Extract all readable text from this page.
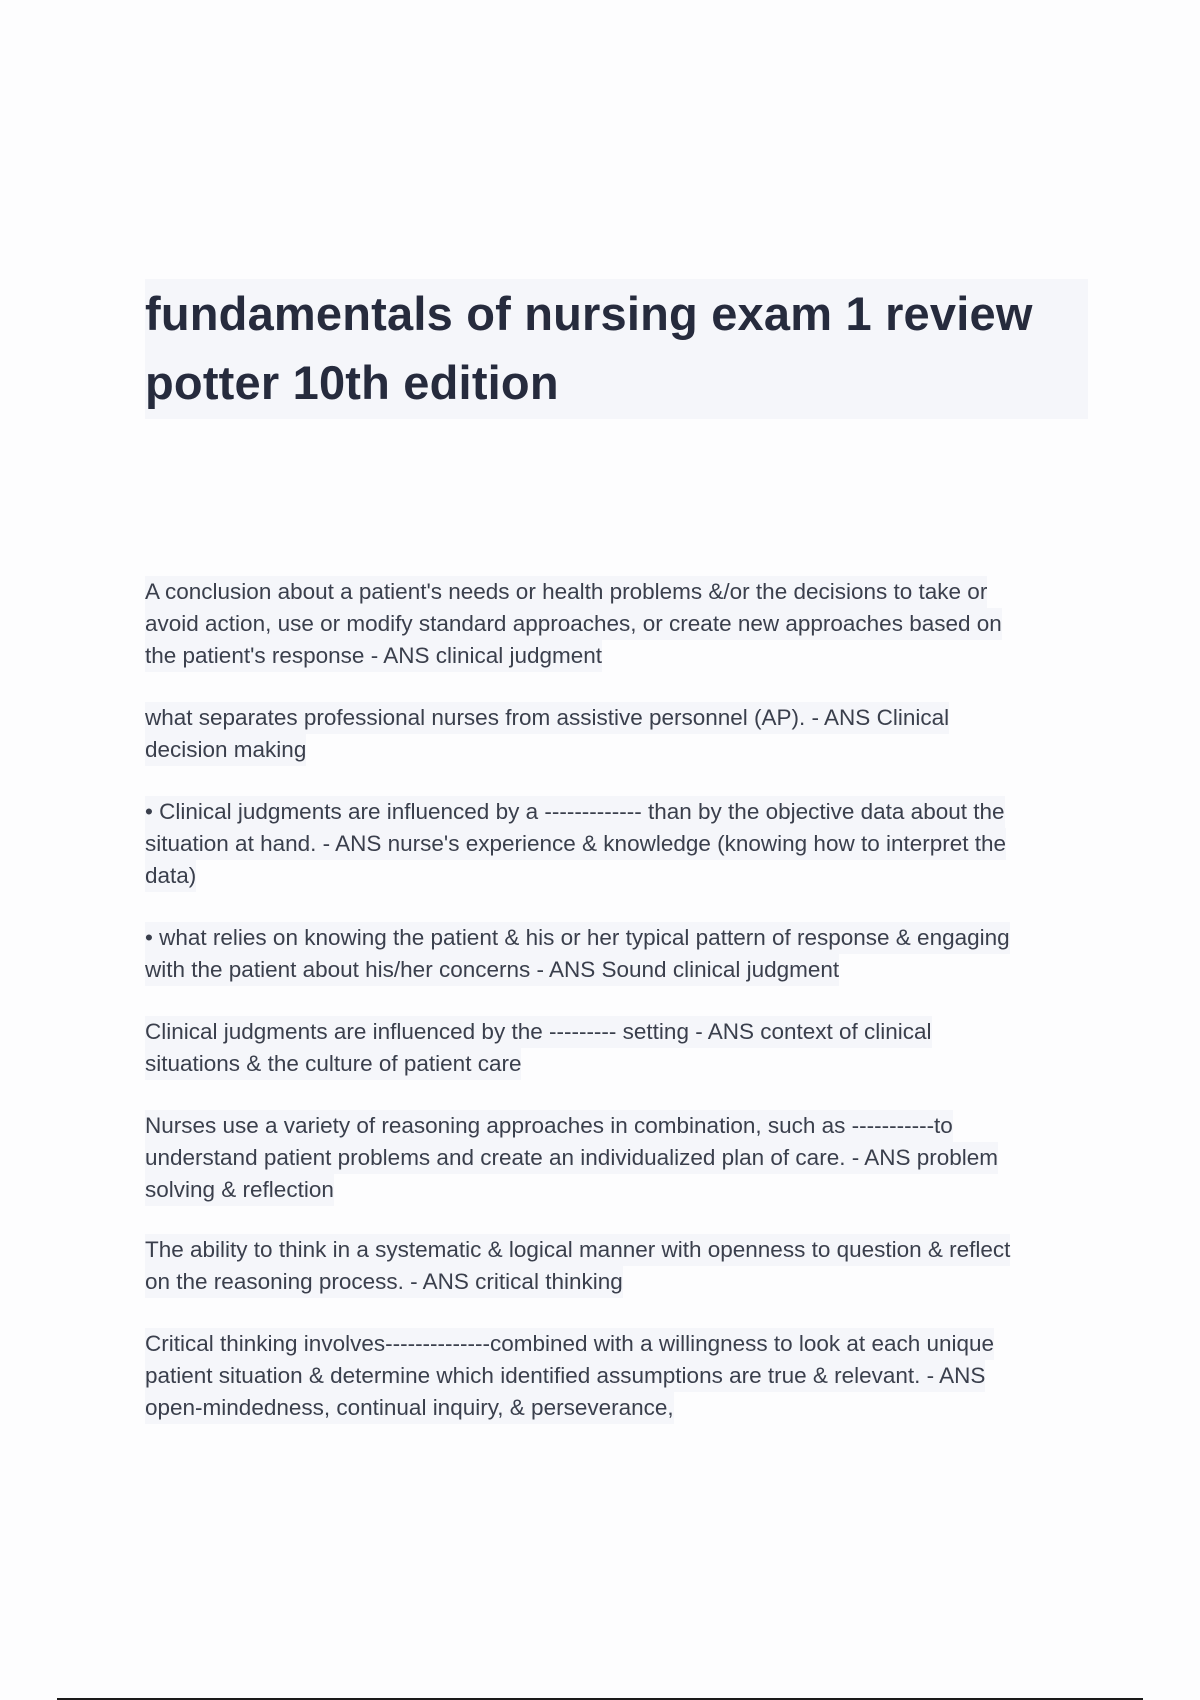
fundamentals of nursing exam 1 review
potter 10th edition
A conclusion about a patient's needs or health problems &/or the decisions to take or
avoid action, use or modify standard approaches, or create new approaches based on
the patient's response - ANS clinical judgment
what separates professional nurses from assistive personnel (AP). - ANS Clinical
decision making
• Clinical judgments are influenced by a ------------- than by the objective data about the
situation at hand. - ANS nurse's experience & knowledge (knowing how to interpret the
data)
• what relies on knowing the patient & his or her typical pattern of response & engaging
with the patient about his/her concerns - ANS Sound clinical judgment
Clinical judgments are influenced by the --------- setting - ANS context of clinical
situations & the culture of patient care
Nurses use a variety of reasoning approaches in combination, such as -----------to
understand patient problems and create an individualized plan of care. - ANS problem
solving & reflection
The ability to think in a systematic & logical manner with openness to question & reflect
on the reasoning process. - ANS critical thinking
Critical thinking involves--------------combined with a willingness to look at each unique
patient situation & determine which identified assumptions are true & relevant. - ANS
open-mindedness, continual inquiry, & perseverance,
